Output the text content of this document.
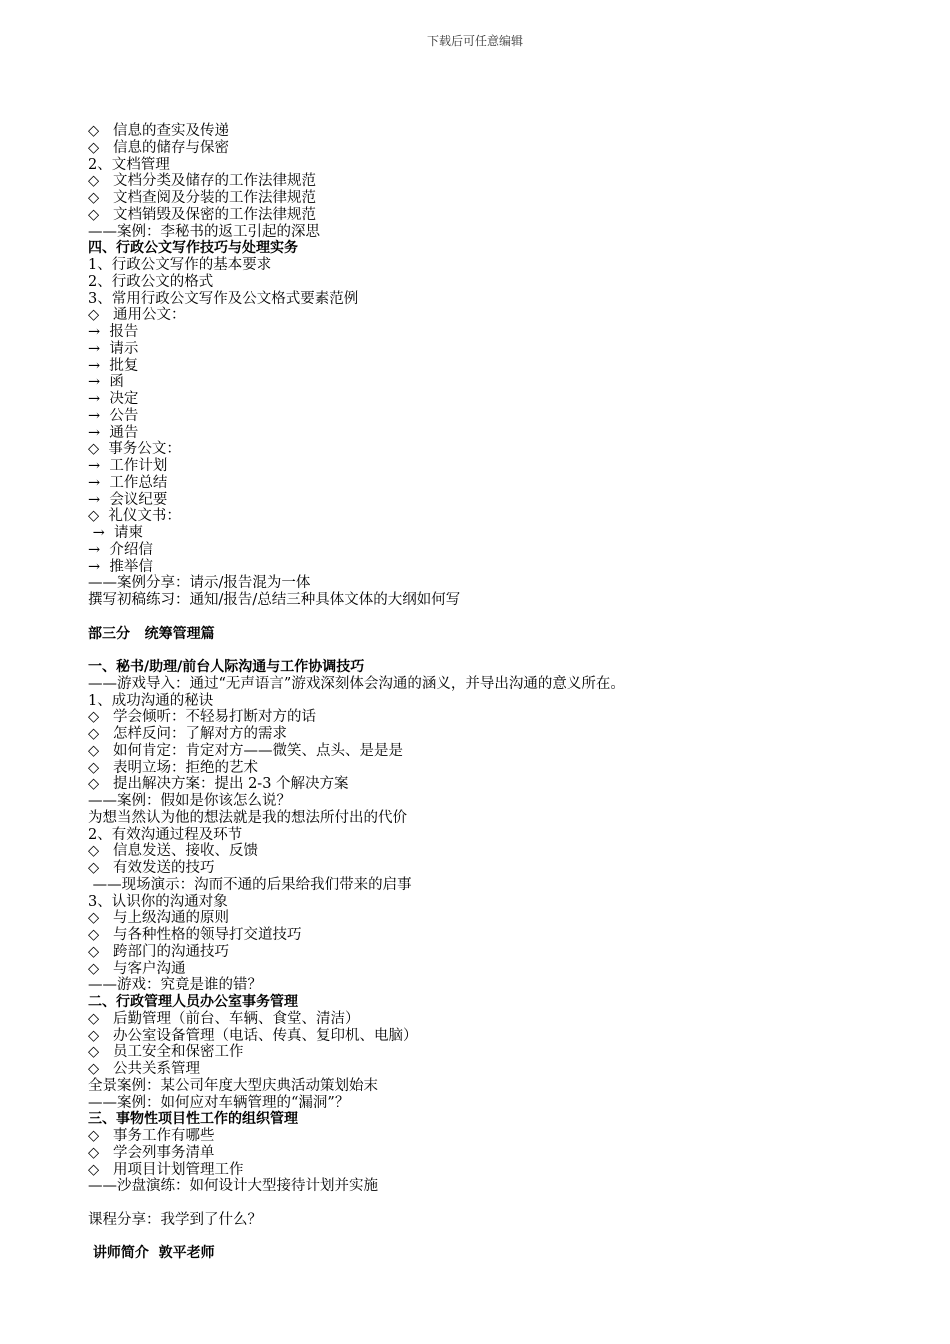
下载后可任意编辑
◇   信息的查实及传递
◇   信息的储存与保密
2、文档管理
◇   文档分类及储存的工作法律规范
◇   文档查阅及分装的工作法律规范
◇   文档销毁及保密的工作法律规范
——案例：李秘书的返工引起的深思
四、行政公文写作技巧与处理实务
1、行政公文写作的基本要求
2、行政公文的格式
3、常用行政公文写作及公文格式要素范例
◇   通用公文：
→  报告
→  请示
→  批复
→  函
→  决定
→  公告
→  通告
◇  事务公文：
→  工作计划
→  工作总结
→  会议纪要
◇  礼仪文书：
→  请柬
→  介绍信
→  推举信
——案例分享：请示/报告混为一体
撰写初稿练习：通知/报告/总结三种具体文体的大纲如何写
部三分   统筹管理篇
一、秘书/助理/前台人际沟通与工作协调技巧
——游戏导入：通过“无声语言”游戏深刻体会沟通的涵义，并导出沟通的意义所在。
1、成功沟通的秘诀
◇   学会倾听：不轻易打断对方的话
◇   怎样反问：了解对方的需求
◇   如何肯定：肯定对方——微笑、点头、是是是
◇   表明立场：拒绝的艺术
◇   提出解决方案：提出 2-3 个解决方案
——案例：假如是你该怎么说？
为想当然认为他的想法就是我的想法所付出的代价
2、有效沟通过程及环节
◇   信息发送、接收、反馈
◇   有效发送的技巧
——现场演示：沟而不通的后果给我们带来的启事
3、认识你的沟通对象
◇   与上级沟通的原则
◇   与各种性格的领导打交道技巧
◇   跨部门的沟通技巧
◇   与客户沟通
——游戏：究竟是谁的错？
二、行政管理人员办公室事务管理
◇   后勤管理（前台、车辆、食堂、清洁）
◇   办公室设备管理（电话、传真、复印机、电脑）
◇   员工安全和保密工作
◇   公共关系管理
全景案例：某公司年度大型庆典活动策划始末
——案例：如何应对车辆管理的“漏洞”？
三、事物性项目性工作的组织管理
◇   事务工作有哪些
◇   学会列事务清单
◇   用项目计划管理工作
——沙盘演练：如何设计大型接待计划并实施
课程分享：我学到了什么？
讲师简介  敦平老师
